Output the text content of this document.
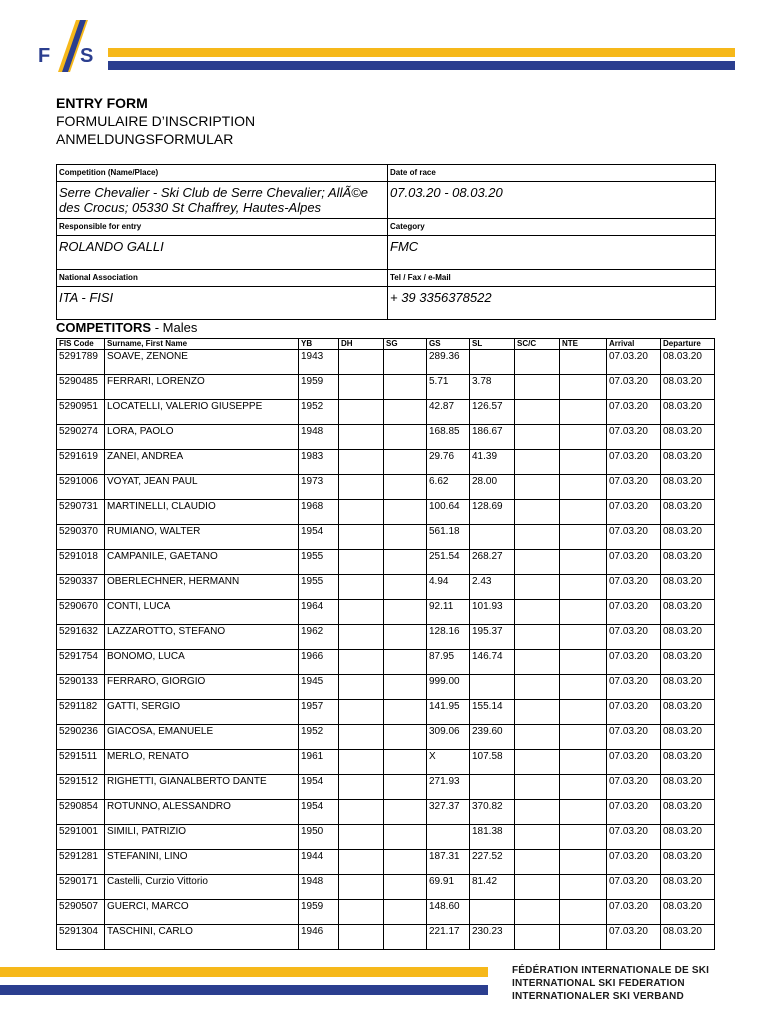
F S
ENTRY FORM
FORMULAIRE D’INSCRIPTION
ANMELDUNGSFORMULAR
Competition (Name/Place)	Date of race
Serre Chevalier - Ski Club de Serre Chevalier; AllÃ©e des Crocus; 05330 St Chaffrey, Hautes-Alpes
07.03.20 - 08.03.20
Responsible for entry	Category
ROLANDO GALLI	FMC
National Association	Tel / Fax / e-Mail
ITA - FISI	+ 39 3356378522
COMPETITORS - Males
FIS Code	Surname, First Name	YB	DH	SG	GS	SL	SC/C	NTE	Arrival	Departure
5291789	SOAVE, ZENONE	1943			289.36				07.03.20	08.03.20
5290485	FERRARI, LORENZO	1959			5.71	3.78			07.03.20	08.03.20
5290951	LOCATELLI, VALERIO GIUSEPPE	1952			42.87	126.57			07.03.20	08.03.20
5290274	LORA, PAOLO	1948			168.85	186.67			07.03.20	08.03.20
5291619	ZANEI, ANDREA	1983			29.76	41.39			07.03.20	08.03.20
5291006	VOYAT, JEAN PAUL	1973			6.62	28.00			07.03.20	08.03.20
5290731	MARTINELLI, CLAUDIO	1968			100.64	128.69			07.03.20	08.03.20
5290370	RUMIANO, WALTER	1954			561.18				07.03.20	08.03.20
5291018	CAMPANILE, GAETANO	1955			251.54	268.27			07.03.20	08.03.20
5290337	OBERLECHNER, HERMANN	1955			4.94	2.43			07.03.20	08.03.20
5290670	CONTI, LUCA	1964			92.11	101.93			07.03.20	08.03.20
5291632	LAZZAROTTO, STEFANO	1962			128.16	195.37			07.03.20	08.03.20
5291754	BONOMO, LUCA	1966			87.95	146.74			07.03.20	08.03.20
5290133	FERRARO, GIORGIO	1945			999.00				07.03.20	08.03.20
5291182	GATTI, SERGIO	1957			141.95	155.14			07.03.20	08.03.20
5290236	GIACOSA, EMANUELE	1952			309.06	239.60			07.03.20	08.03.20
5291511	MERLO, RENATO	1961			X	107.58			07.03.20	08.03.20
5291512	RIGHETTI, GIANALBERTO DANTE	1954			271.93				07.03.20	08.03.20
5290854	ROTUNNO, ALESSANDRO	1954			327.37	370.82			07.03.20	08.03.20
5291001	SIMILI, PATRIZIO	1950				181.38			07.03.20	08.03.20
5291281	STEFANINI, LINO	1944			187.31	227.52			07.03.20	08.03.20
5290171	Castelli, Curzio Vittorio	1948			69.91	81.42			07.03.20	08.03.20
5290507	GUERCI, MARCO	1959			148.60				07.03.20	08.03.20
5291304	TASCHINI, CARLO	1946			221.17	230.23			07.03.20	08.03.20
FÉDÉRATION INTERNATIONALE DE SKI
INTERNATIONAL SKI FEDERATION
INTERNATIONALER SKI VERBAND
